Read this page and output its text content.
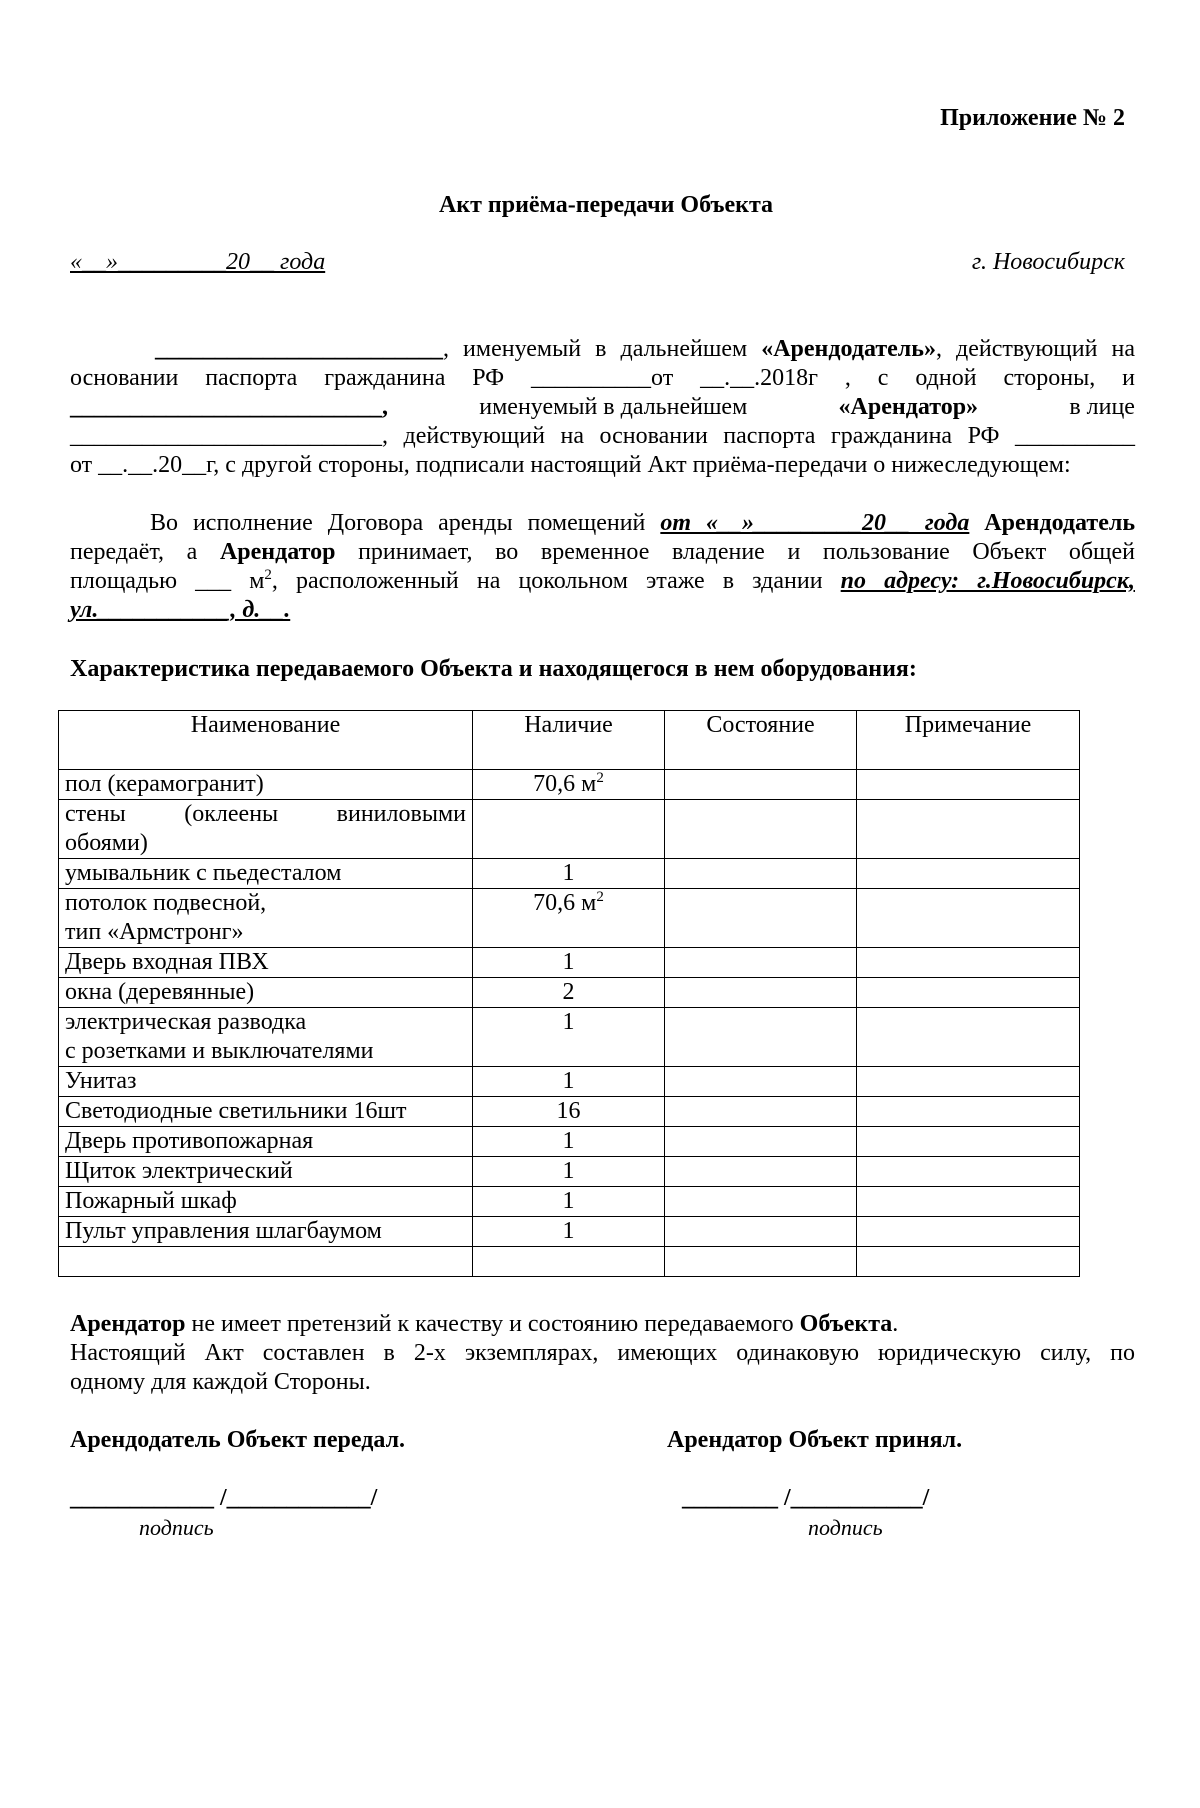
Приложение № 2
Акт приёма-передачи Объекта
«__»_________20__ года	г. Новосибирск
________________________, именуемый в дальнейшем «Арендодатель», действующий на
основании паспорта гражданина РФ __________от __.__.2018г , с одной стороны, и
__________________________,	именуемый в дальнейшем	«Арендатор»	в лице
__________________________, действующий на основании паспорта гражданина РФ __________
от __.__.20__г, с другой стороны, подписали настоящий Акт приёма-передачи о нижеследующем:
Во исполнение Договора аренды помещений от «__»_________20__ года Арендодатель
передаёт, а Арендатор принимает, во временное владение и пользование Объект общей
площадью ___ $м^2$, расположенный на цокольном этаже в здании по адресу: г.Новосибирск,
ул.___________, д.__.
Характеристика передаваемого Объекта и находящегося в нем оборудования:
Наименование	Наличие	Состояние	Примечание
пол (керамогранит)	70,6 $м^2$		

стены (оклеены виниловыми
обоями)			
умывальник с пьедесталом	1		

потолок подвесной,
тип «Армстронг»	70,6 $м^2$		
Дверь входная ПВХ	1		
окна (деревянные)	2		

электрическая разводка
с розетками и выключателями	1		
Унитаз	1		
Светодиодные светильники 16шт	16		
Дверь противопожарная	1		
Щиток электрический	1		
Пожарный шкаф	1		
Пульт управления шлагбаумом	1		

Арендатор не имеет претензий к качеству и состоянию передаваемого Объекта.
Настоящий Акт составлен в 2-х экземплярах, имеющих одинаковую юридическую силу, по
одному для каждой Стороны.
Арендодатель Объект передал.	Арендатор Объект принял.
____________ /____________/	________ /___________/
подпись	подпись
